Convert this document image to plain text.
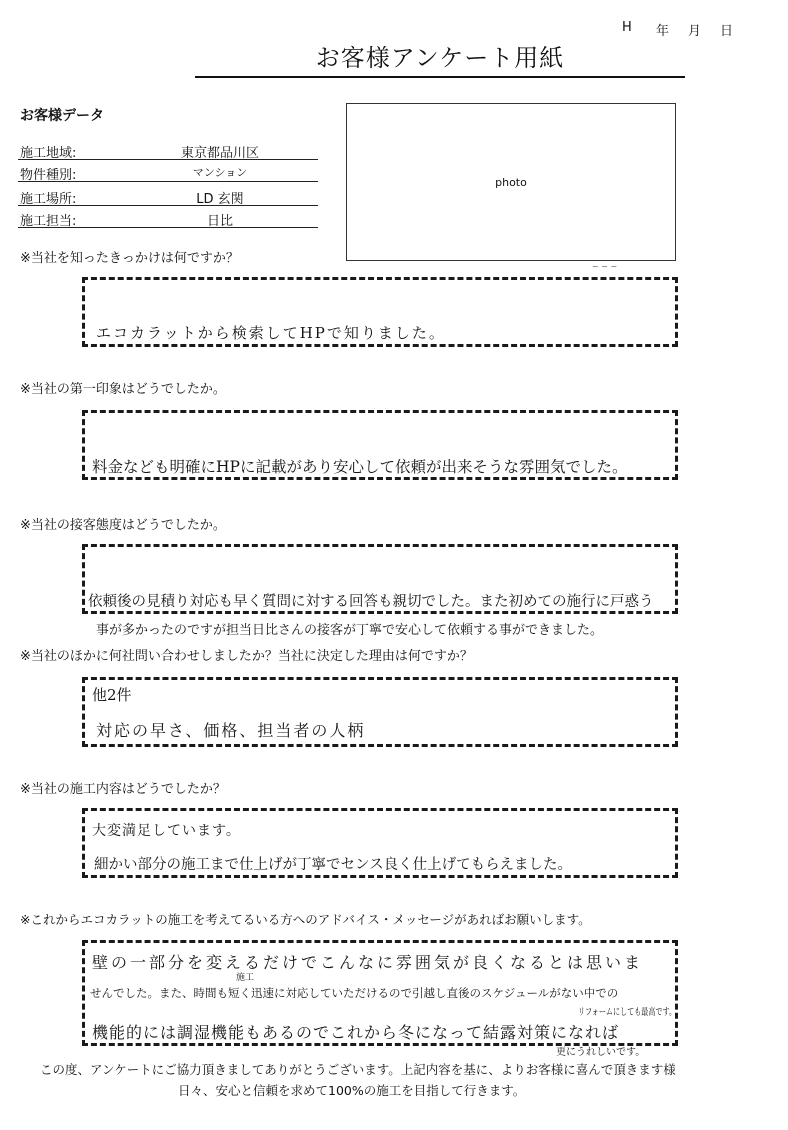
H 年 月 日
お客様アンケート用紙
お客様データ
施工地域:	東京都品川区
物件種別:	マンション
施工場所:	LD 玄関
施工担当:	日比
photo
~ ~ ~
※当社を知ったきっかけは何ですか？
エコカラットから検索してHPで知りました。
※当社の第一印象はどうでしたか。
料金なども明確にHPに記載があり安心して依頼が出来そうな雰囲気でした。
※当社の接客態度はどうでしたか。
依頼後の見積り対応も早く質問に対する回答も親切でした。また初めての施行に戸惑う
事が多かったのですが担当日比さんの接客が丁寧で安心して依頼する事ができました。
※当社のほかに何社問い合わせしましたか？当社に決定した理由は何ですか？
他2件
対応の早さ、価格、担当者の人柄
※当社の施工内容はどうでしたか？
大変満足しています。
細かい部分の施工まで仕上げが丁寧でセンス良く仕上げてもらえました。
※これからエコカラットの施工を考えてるいる方へのアドバイス・メッセージがあればお願いします。
壁の一部分を変えるだけでこんなに雰囲気が良くなるとは思いま
せんでした。また、時間も短く迅速に対応していただけるので引越し直後のスケジュールがない中での
施工
リフォームにしても最高です。
機能的には調湿機能もあるのでこれから冬になって結露対策になれば
更にうれしいです。
この度、アンケートにご協力頂きましてありがとうございます。上記内容を基に、よりお客様に喜んで頂きます様
日々、安心と信頼を求めて100%の施工を目指して行きます。
